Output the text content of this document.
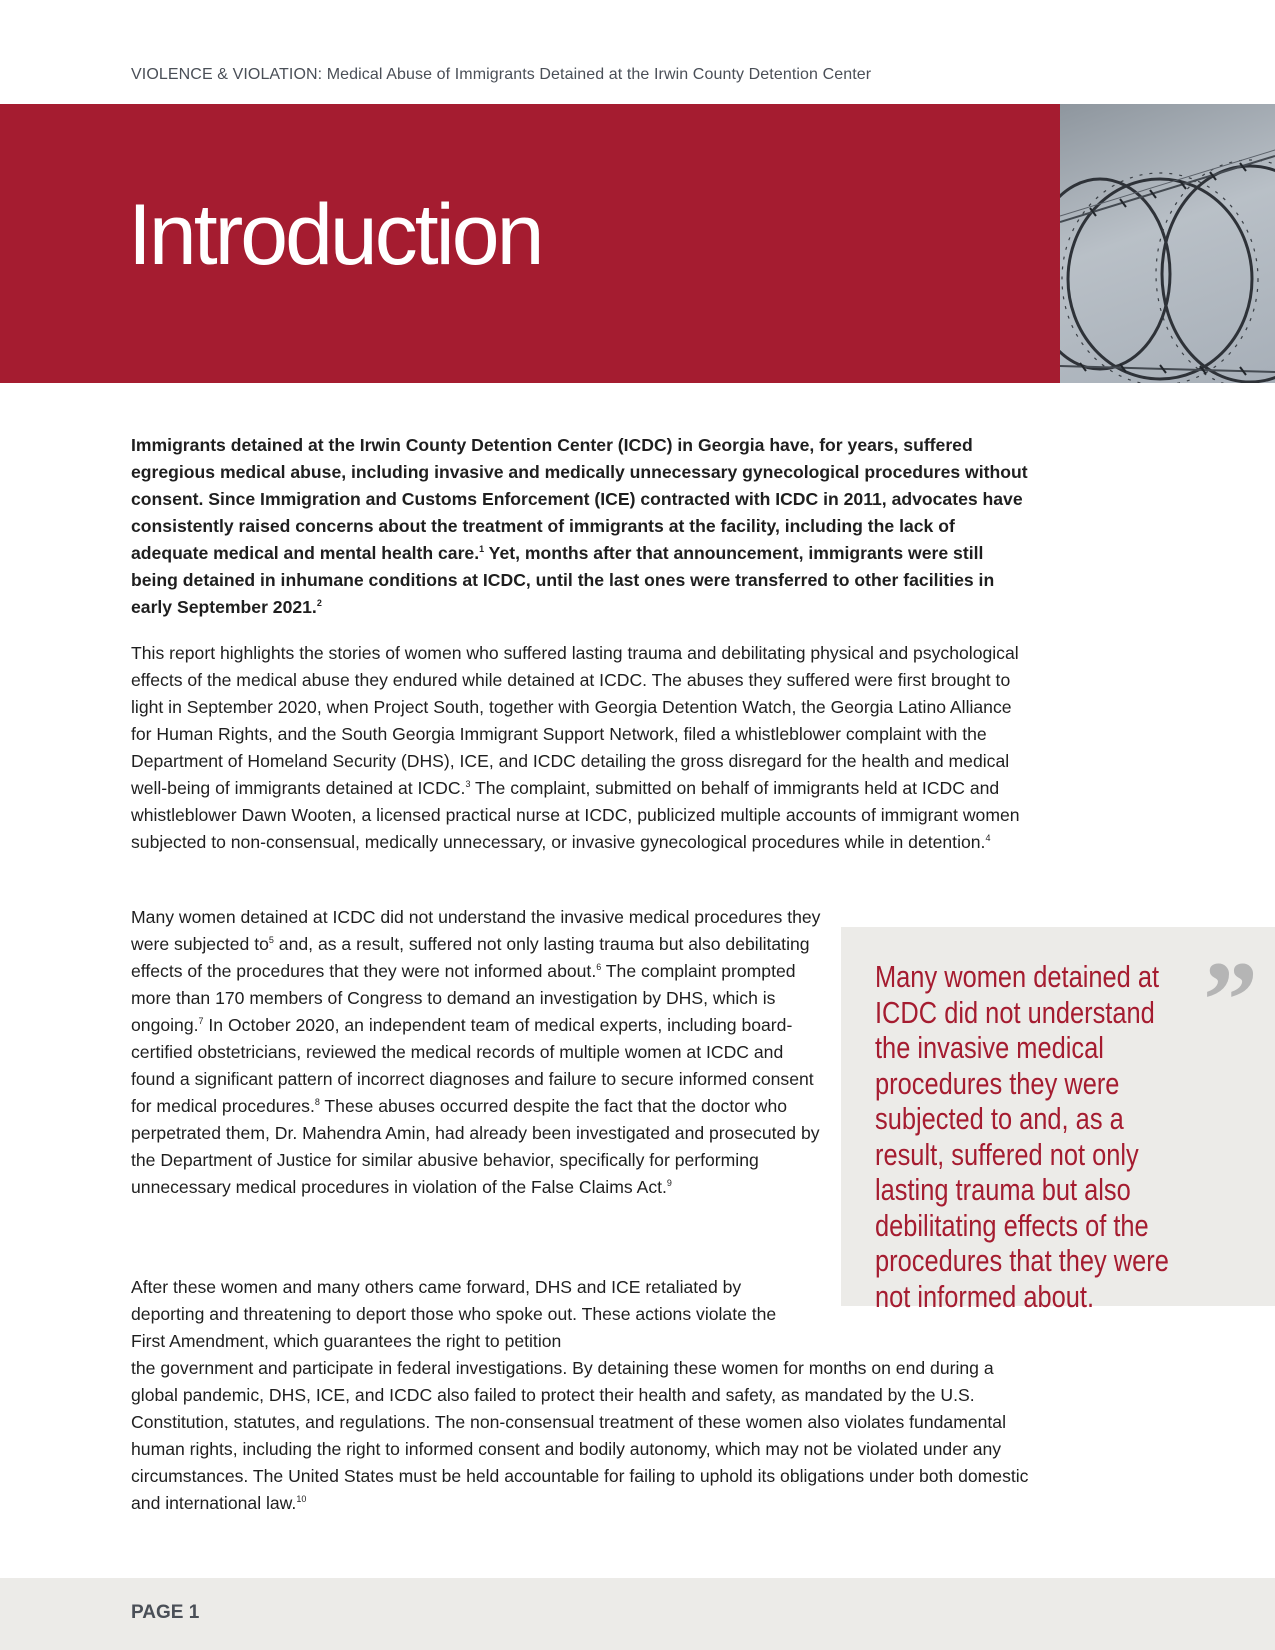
VIOLENCE & VIOLATION: Medical Abuse of Immigrants Detained at the Irwin County Detention Center
Introduction

Immigrants detained at the Irwin County Detention Center (ICDC) in Georgia have, for years, suffered egregious medical abuse, including invasive and medically unnecessary gynecological procedures without consent. Since Immigration and Customs Enforcement (ICE) contracted with ICDC in 2011, advocates have consistently raised concerns about the treatment of immigrants at the facility, including the lack of adequate medical and mental health care.$^1$ Yet, months after that announcement, immigrants were still being detained in inhumane conditions at ICDC, until the last ones were transferred to other facilities in early September 2021.$^2$

This report highlights the stories of women who suffered lasting trauma and debilitating physical and psychological effects of the medical abuse they endured while detained at ICDC. The abuses they suffered were first brought to light in September 2020, when Project South, together with Georgia Detention Watch, the Georgia Latino Alliance for Human Rights, and the South Georgia Immigrant Support Network, filed a whistleblower complaint with the Department of Homeland Security (DHS), ICE, and ICDC detailing the gross disregard for the health and medical well-being of immigrants detained at ICDC.$^3$ The complaint, submitted on behalf of immigrants held at ICDC and whistleblower Dawn Wooten, a licensed practical nurse at ICDC, publicized multiple accounts of immigrant women subjected to non-consensual, medically unnecessary, or invasive gynecological procedures while in detention.$^4$

Many women detained at ICDC did not understand the invasive medical procedures they were subjected $to^5$ and, as a result, suffered not only lasting trauma but also debilitating effects of the procedures that they were not informed about.$^6$ The complaint prompted more than 170 members of Congress to demand an investigation by DHS, which is ongoing.$^7$ In October 2020, an independent team of medical experts, including board-certified obstetricians, reviewed the medical records of multiple women at ICDC and found a significant pattern of incorrect diagnoses and failure to secure informed consent for medical procedures.$^8$ These abuses occurred despite the fact that the doctor who perpetrated them, Dr. Mahendra Amin, had already been investigated and prosecuted by the Department of Justice for similar abusive behavior, specifically for performing unnecessary medical procedures in violation of the False Claims Act.$^9$

After these women and many others came forward, DHS and ICE retaliated by deporting and threatening to deport those who spoke out. These actions violate the First Amendment, which guarantees the right to petition
the government and participate in federal investigations. By detaining these women for months on end during a global pandemic, DHS, ICE, and ICDC also failed to protect their health and safety, as mandated by the U.S. Constitution, statutes, and regulations. The non-consensual treatment of these women also violates fundamental human rights, including the right to informed consent and bodily autonomy, which may not be violated under any circumstances. The United States must be held accountable for failing to uphold its obligations under both domestic and international law.$^{10}$

Many women detained at ICDC did not understand the invasive medical procedures they were subjected to and, as a result, suffered not only lasting trauma but also debilitating effects of the procedures that they were not informed about.
”
PAGE 1
